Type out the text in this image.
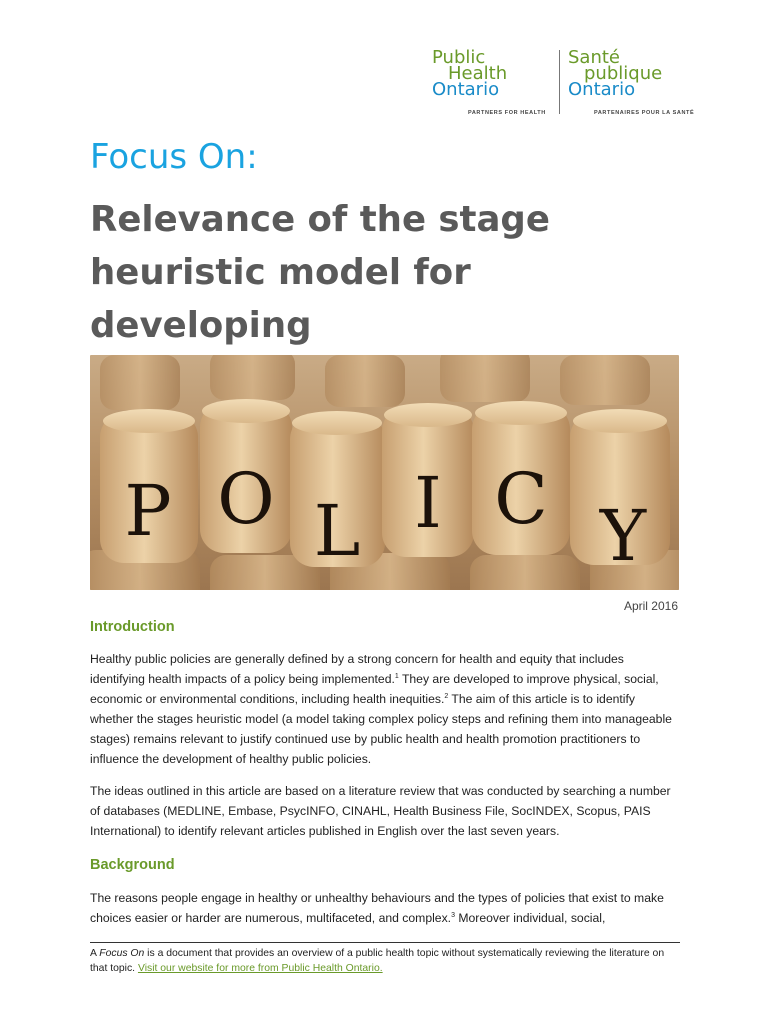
Public
Health
Ontario
Santé
publique
Ontario
PARTNERS FOR HEALTH	PARTENAIRES POUR LA SANTÉ
Focus On:
Relevance of the stage
heuristic model for developing
P O L I C Y
April 2016
Introduction
Healthy public policies are generally defined by a strong concern for health and equity that includes identifying health impacts of a policy being implemented.$^1$ They are developed to improve physical, social, economic or environmental conditions, including health inequities.$^2$ The aim of this article is to identify whether the stages heuristic model (a model taking complex policy steps and refining them into manageable stages) remains relevant to justify continued use by public health and health promotion practitioners to influence the development of healthy public policies.
The ideas outlined in this article are based on a literature review that was conducted by searching a number of databases (MEDLINE, Embase, PsycINFO, CINAHL, Health Business File, SocINDEX, Scopus, PAIS International) to identify relevant articles published in English over the last seven years.
Background
The reasons people engage in healthy or unhealthy behaviours and the types of policies that exist to make choices easier or harder are numerous, multifaceted, and complex.$^3$ Moreover individual, social,
A Focus On is a document that provides an overview of a public health topic without systematically reviewing the literature on that topic. Visit our website for more from Public Health Ontario.
